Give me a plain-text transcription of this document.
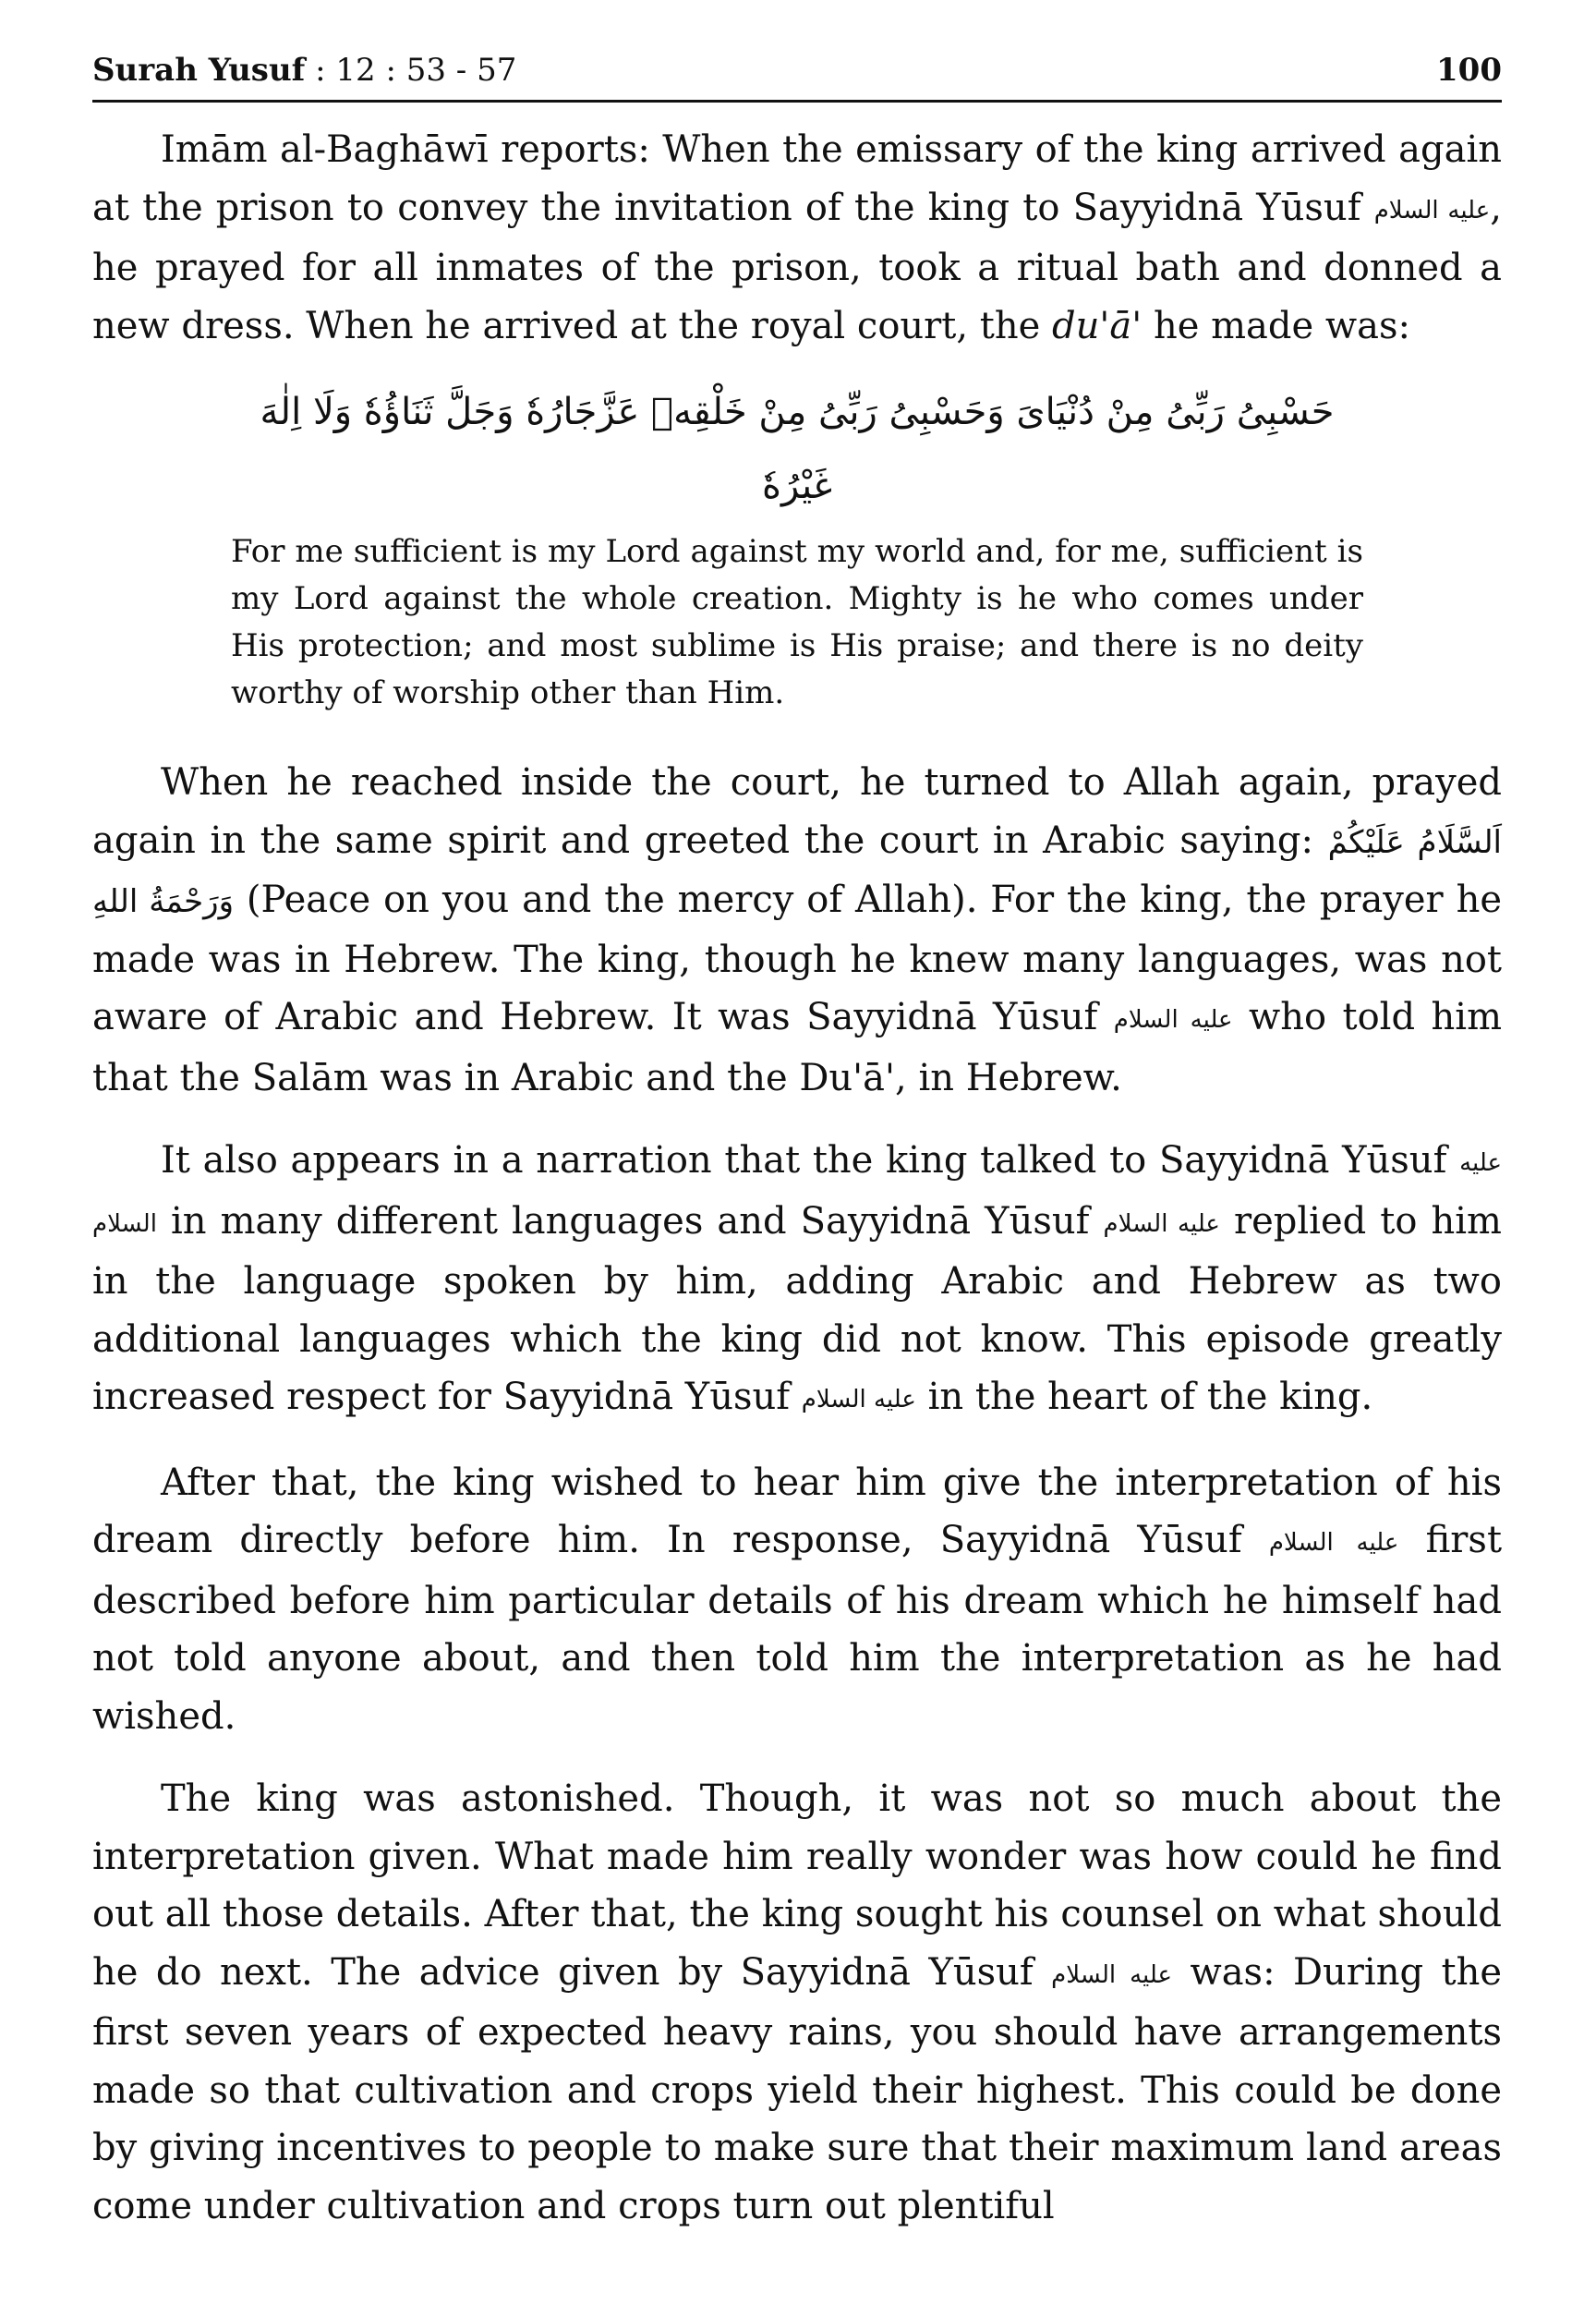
Surah Yusuf : 12 : 53 - 57	100

Imām al-Baghāwī reports: When the emissary of the king arrived again at the prison to convey the invitation of the king to Sayyidnā Yūsuf عليه السلام, he prayed for all inmates of the prison, took a ritual bath and donned a new dress. When he arrived at the royal court, the du'ā' he made was:

حَسْبِیُ رَبِّیُ مِنْ دُنْیَایَ وَحَسْبِیُ رَبِّیُ مِنْ خَلْقِهٖ عَزَّجَارُهٗ وَجَلَّ ثَنَاؤُهٗ وَلَا اِلٰهَ غَیْرُهٗ
For me sufficient is my Lord against my world and, for me, sufficient is my Lord against the whole creation. Mighty is he who comes under His protection; and most sublime is His praise; and there is no deity worthy of worship other than Him.

When he reached inside the court, he turned to Allah again, prayed again in the same spirit and greeted the court in Arabic saying: اَلسَّلَامُ عَلَیْکُمْ وَرَحْمَةُ اللهِ (Peace on you and the mercy of Allah). For the king, the prayer he made was in Hebrew. The king, though he knew many languages, was not aware of Arabic and Hebrew. It was Sayyidnā Yūsuf عليه السلام who told him that the Salām was in Arabic and the Du'ā', in Hebrew.

It also appears in a narration that the king talked to Sayyidnā Yūsuf عليه السلام in many different languages and Sayyidnā Yūsuf عليه السلام replied to him in the language spoken by him, adding Arabic and Hebrew as two additional languages which the king did not know. This episode greatly increased respect for Sayyidnā Yūsuf عليه السلام in the heart of the king.

After that, the king wished to hear him give the interpretation of his dream directly before him. In response, Sayyidnā Yūsuf عليه السلام first described before him particular details of his dream which he himself had not told anyone about, and then told him the interpretation as he had wished.

The king was astonished. Though, it was not so much about the interpretation given. What made him really wonder was how could he find out all those details. After that, the king sought his counsel on what should he do next. The advice given by Sayyidnā Yūsuf عليه السلام was: During the first seven years of expected heavy rains, you should have arrangements made so that cultivation and crops yield their highest. This could be done by giving incentives to people to make sure that their maximum land areas come under cultivation and crops turn out plentiful
